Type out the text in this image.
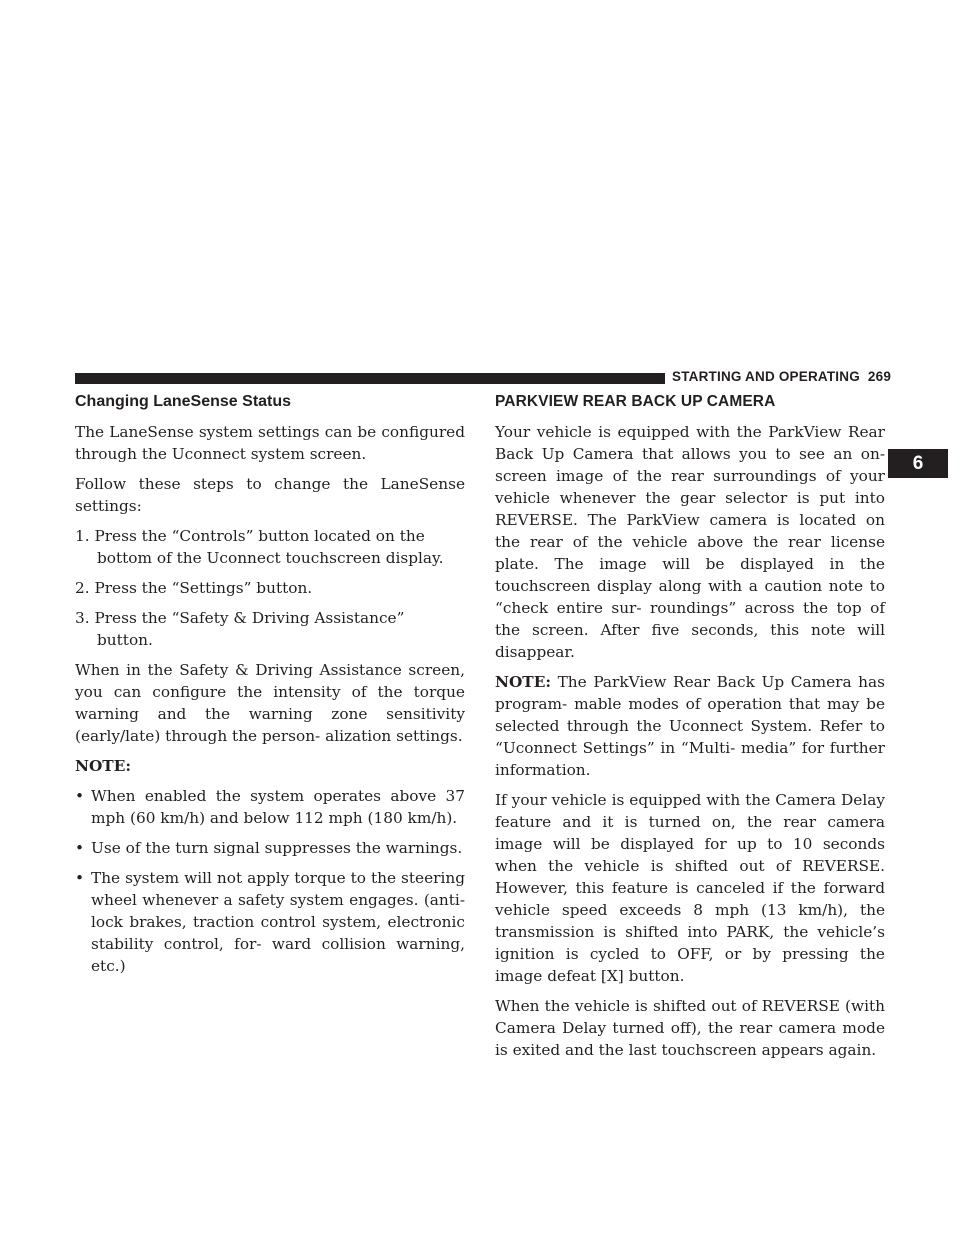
STARTING AND OPERATING 269
6
Changing LaneSense Status

The LaneSense system settings can be configured through the Uconnect system screen.

Follow these steps to change the LaneSense settings:

1. Press the “Controls” button located on the bottom of the Uconnect touchscreen display.

2. Press the “Settings” button.

3. Press the “Safety & Driving Assistance” button.

When in the Safety & Driving Assistance screen, you can configure the intensity of the torque warning and the warning zone sensitivity (early/late) through the person- alization settings.

NOTE:

• When enabled the system operates above 37 mph (60 km/h) and below 112 mph (180 km/h).

• Use of the turn signal suppresses the warnings.

• The system will not apply torque to the steering wheel whenever a safety system engages. (anti-lock brakes, traction control system, electronic stability control, for- ward collision warning, etc.)

PARKVIEW REAR BACK UP CAMERA

Your vehicle is equipped with the ParkView Rear Back Up Camera that allows you to see an on-screen image of the rear surroundings of your vehicle whenever the gear selector is put into REVERSE. The ParkView camera is located on the rear of the vehicle above the rear license plate. The image will be displayed in the touchscreen display along with a caution note to “check entire sur- roundings” across the top of the screen. After five seconds, this note will disappear.

NOTE: The ParkView Rear Back Up Camera has program- mable modes of operation that may be selected through the Uconnect System. Refer to “Uconnect Settings” in “Multi- media” for further information.

If your vehicle is equipped with the Camera Delay feature and it is turned on, the rear camera image will be displayed for up to 10 seconds when the vehicle is shifted out of REVERSE. However, this feature is canceled if the forward vehicle speed exceeds 8 mph (13 km/h), the transmission is shifted into PARK, the vehicle’s ignition is cycled to OFF, or by pressing the image defeat [X] button.

When the vehicle is shifted out of REVERSE (with Camera Delay turned off), the rear camera mode is exited and the last touchscreen appears again.
